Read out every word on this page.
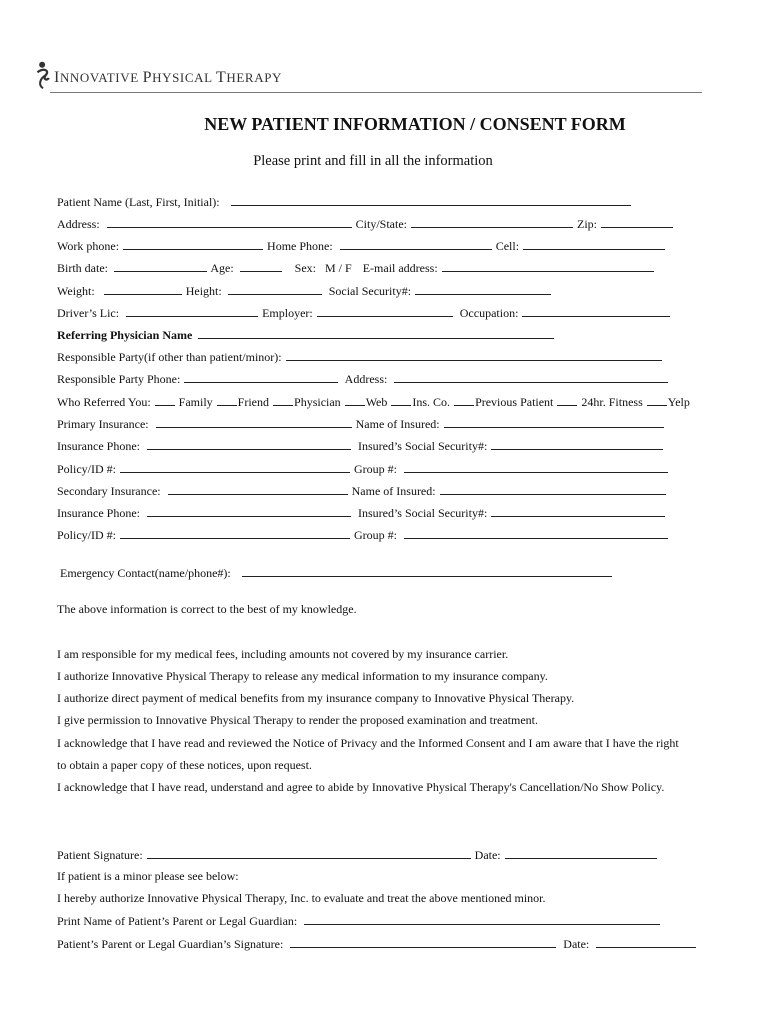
INNOVATIVE PHYSICAL THERAPY
NEW PATIENT INFORMATION / CONSENT FORM
Please print and fill in all the information
Patient Name (Last, First, Initial):
Address:	City/State:	Zip:
Work phone:	Home Phone:	Cell:
Birth date:	Age:	Sex: M / F E-mail address:
Weight:	Height:	Social Security#:
Driver’s Lic:	Employer:	Occupation:
Referring Physician Name
Responsible Party(if other than patient/minor):
Responsible Party Phone:	Address:
Who Referred You: Family Friend Physician Web Ins. Co. Previous Patient 24hr. Fitness Yelp
Primary Insurance:	Name of Insured:
Insurance Phone:	Insured’s Social Security#:
Policy/ID #:	Group #:
Secondary Insurance:	Name of Insured:
Insurance Phone:	Insured’s Social Security#:
Policy/ID #:	Group #:
Emergency Contact(name/phone#):
The above information is correct to the best of my knowledge.
I am responsible for my medical fees, including amounts not covered by my insurance carrier.
I authorize Innovative Physical Therapy to release any medical information to my insurance company.
I authorize direct payment of medical benefits from my insurance company to Innovative Physical Therapy.
I give permission to Innovative Physical Therapy to render the proposed examination and treatment.
I acknowledge that I have read and reviewed the Notice of Privacy and the Informed Consent and I am aware that I have the right
to obtain a paper copy of these notices, upon request.
I acknowledge that I have read, understand and agree to abide by Innovative Physical Therapy's Cancellation/No Show Policy.
Patient Signature:	Date:
If patient is a minor please see below:
I hereby authorize Innovative Physical Therapy, Inc. to evaluate and treat the above mentioned minor.
Print Name of Patient’s Parent or Legal Guardian:
Patient’s Parent or Legal Guardian’s Signature:	Date:
